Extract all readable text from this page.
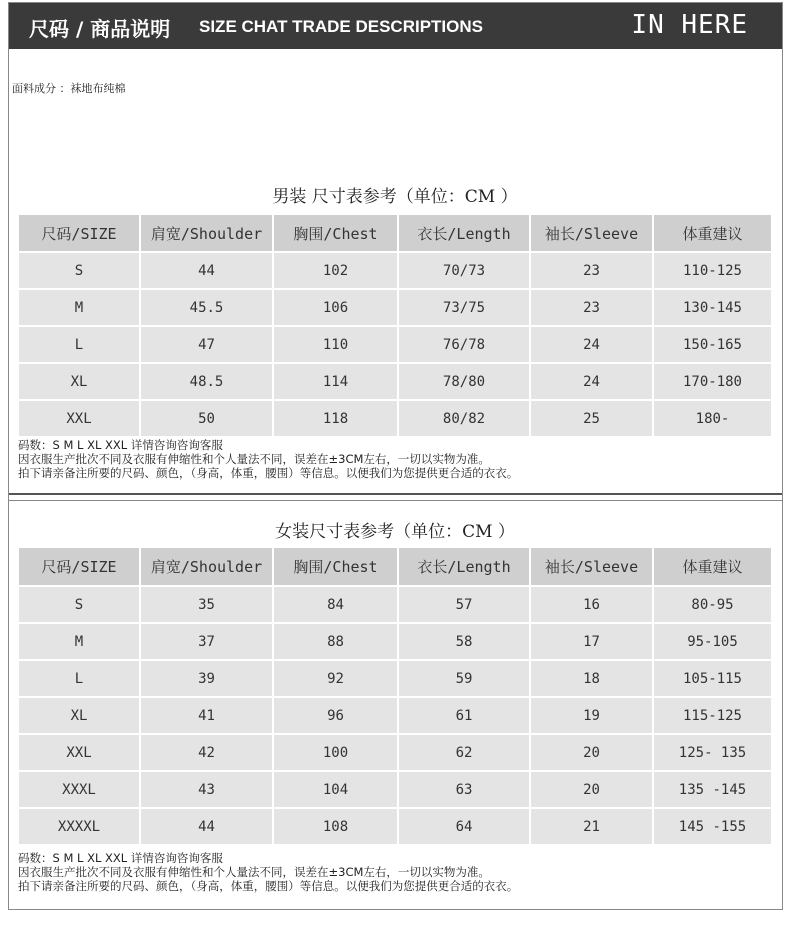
尺码 / 商品说明 SIZE CHAT TRADE DESCRIPTIONS	IN HERE
面料成分 ：袜地布纯棉
男装 尺寸表参考（单位：CM ）
尺码/SIZE	肩宽/Shoulder	胸围/Chest	衣长/Length	袖长/Sleeve	体重建议
S	44	102	70/73	23	110-125
M	45.5	106	73/75	23	130-145
L	47	110	76/78	24	150-165
XL	48.5	114	78/80	24	170-180
XXL	50	118	80/82	25	180-
码数：S M L XL XXL 详情咨询咨询客服
因衣服生产批次不同及衣服有伸缩性和个人量法不同，误差在±3CM左右，一切以实物为准。
拍下请亲备注所要的尺码、颜色，（身高，体重，腰围）等信息。以便我们为您提供更合适的衣衣。
女装尺寸表参考（单位：CM ）
尺码/SIZE	肩宽/Shoulder	胸围/Chest	衣长/Length	袖长/Sleeve	体重建议
S	35	84	57	16	80-95
M	37	88	58	17	95-105
L	39	92	59	18	105-115
XL	41	96	61	19	115-125
XXL	42	100	62	20	125- 135
XXXL	43	104	63	20	135 -145
XXXXL	44	108	64	21	145 -155
码数：S M L XL XXL 详情咨询咨询客服
因衣服生产批次不同及衣服有伸缩性和个人量法不同，误差在±3CM左右，一切以实物为准。
拍下请亲备注所要的尺码、颜色，（身高，体重，腰围）等信息。以便我们为您提供更合适的衣衣。
